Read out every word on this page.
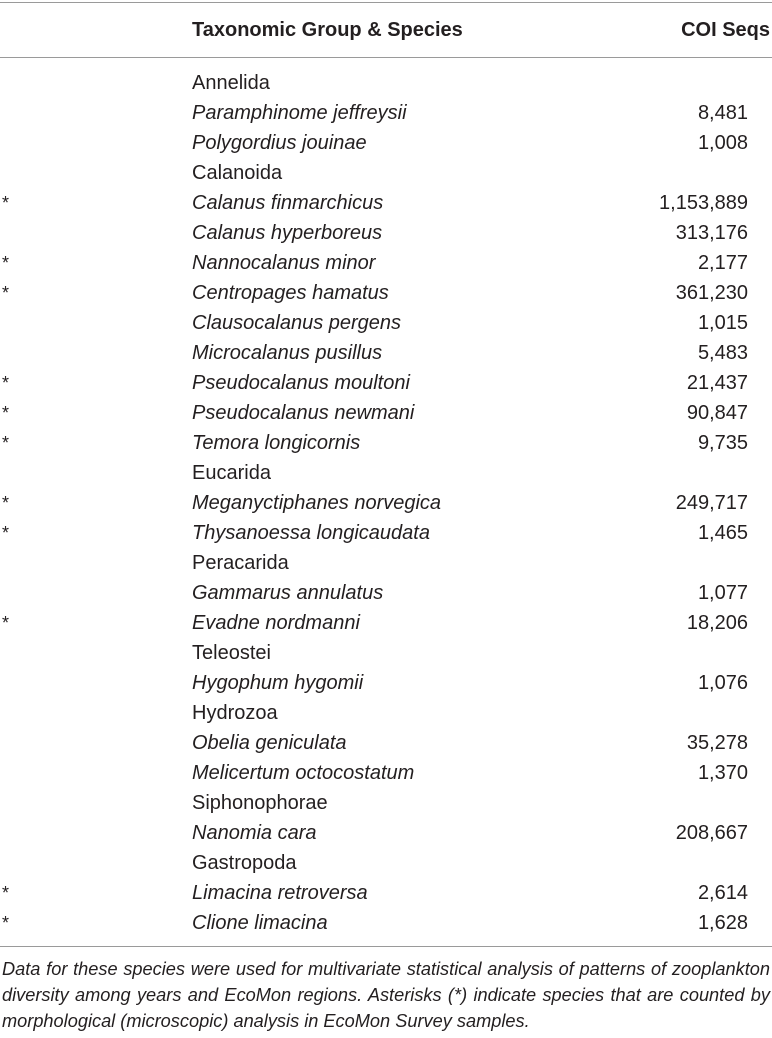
Taxonomic Group & Species	COI Seqs
Annelida
Paramphinome jeffreysii	8,481
Polygordius jouinae	1,008
Calanoida
*	Calanus finmarchicus	1,153,889
Calanus hyperboreus	313,176
*	Nannocalanus minor	2,177
*	Centropages hamatus	361,230
Clausocalanus pergens	1,015
Microcalanus pusillus	5,483
*	Pseudocalanus moultoni	21,437
*	Pseudocalanus newmani	90,847
*	Temora longicornis	9,735
Eucarida
*	Meganyctiphanes norvegica	249,717
*	Thysanoessa longicaudata	1,465
Peracarida
Gammarus annulatus	1,077
*	Evadne nordmanni	18,206
Teleostei
Hygophum hygomii	1,076
Hydrozoa
Obelia geniculata	35,278
Melicertum octocostatum	1,370
Siphonophorae
Nanomia cara	208,667
Gastropoda
*	Limacina retroversa	2,614
*	Clione limacina	1,628
Data for these species were used for multivariate statistical analysis of patterns of zooplankton diversity among years and EcoMon regions. Asterisks (*) indicate species that are counted by morphological (microscopic) analysis in EcoMon Survey samples.
